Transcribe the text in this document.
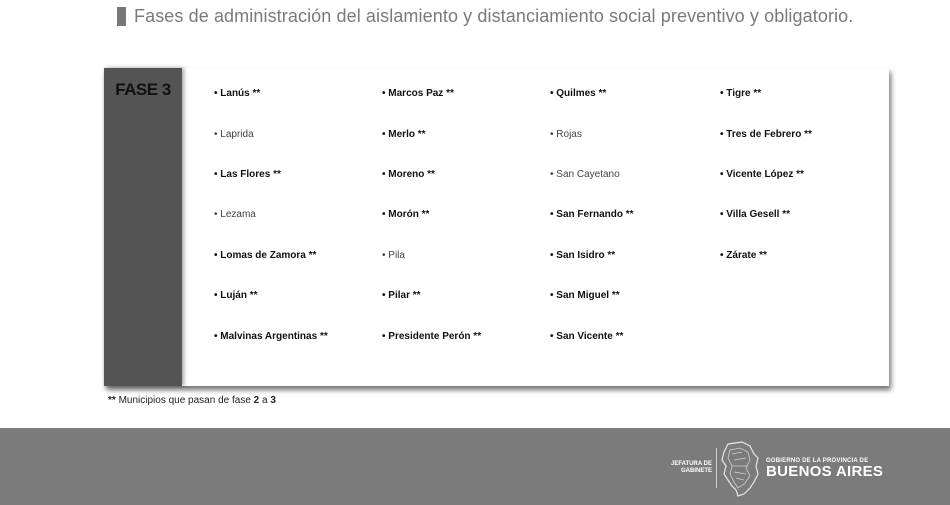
Fases de administración del aislamiento y distanciamiento social preventivo y obligatorio.
FASE 3	• Lanús **
• Laprida
• Las Flores **
• Lezama
• Lomas de Zamora **
• Luján **
• Malvinas Argentinas **
• Marcos Paz **
• Merlo **
• Moreno **
• Morón **
• Pila
• Pilar **
• Presidente Perón **
• Quilmes **
• Rojas
• San Cayetano
• San Fernando **
• San Isidro **
• San Miguel **
• San Vicente **
• Tigre **
• Tres de Febrero **
• Vicente López **
• Villa Gesell **
• Zárate **
** Municipios que pasan de fase 2 a 3
JEFATURA DE
GABINETE
GOBIERNO DE LA PROVINCIA DE
BUENOS AIRES
